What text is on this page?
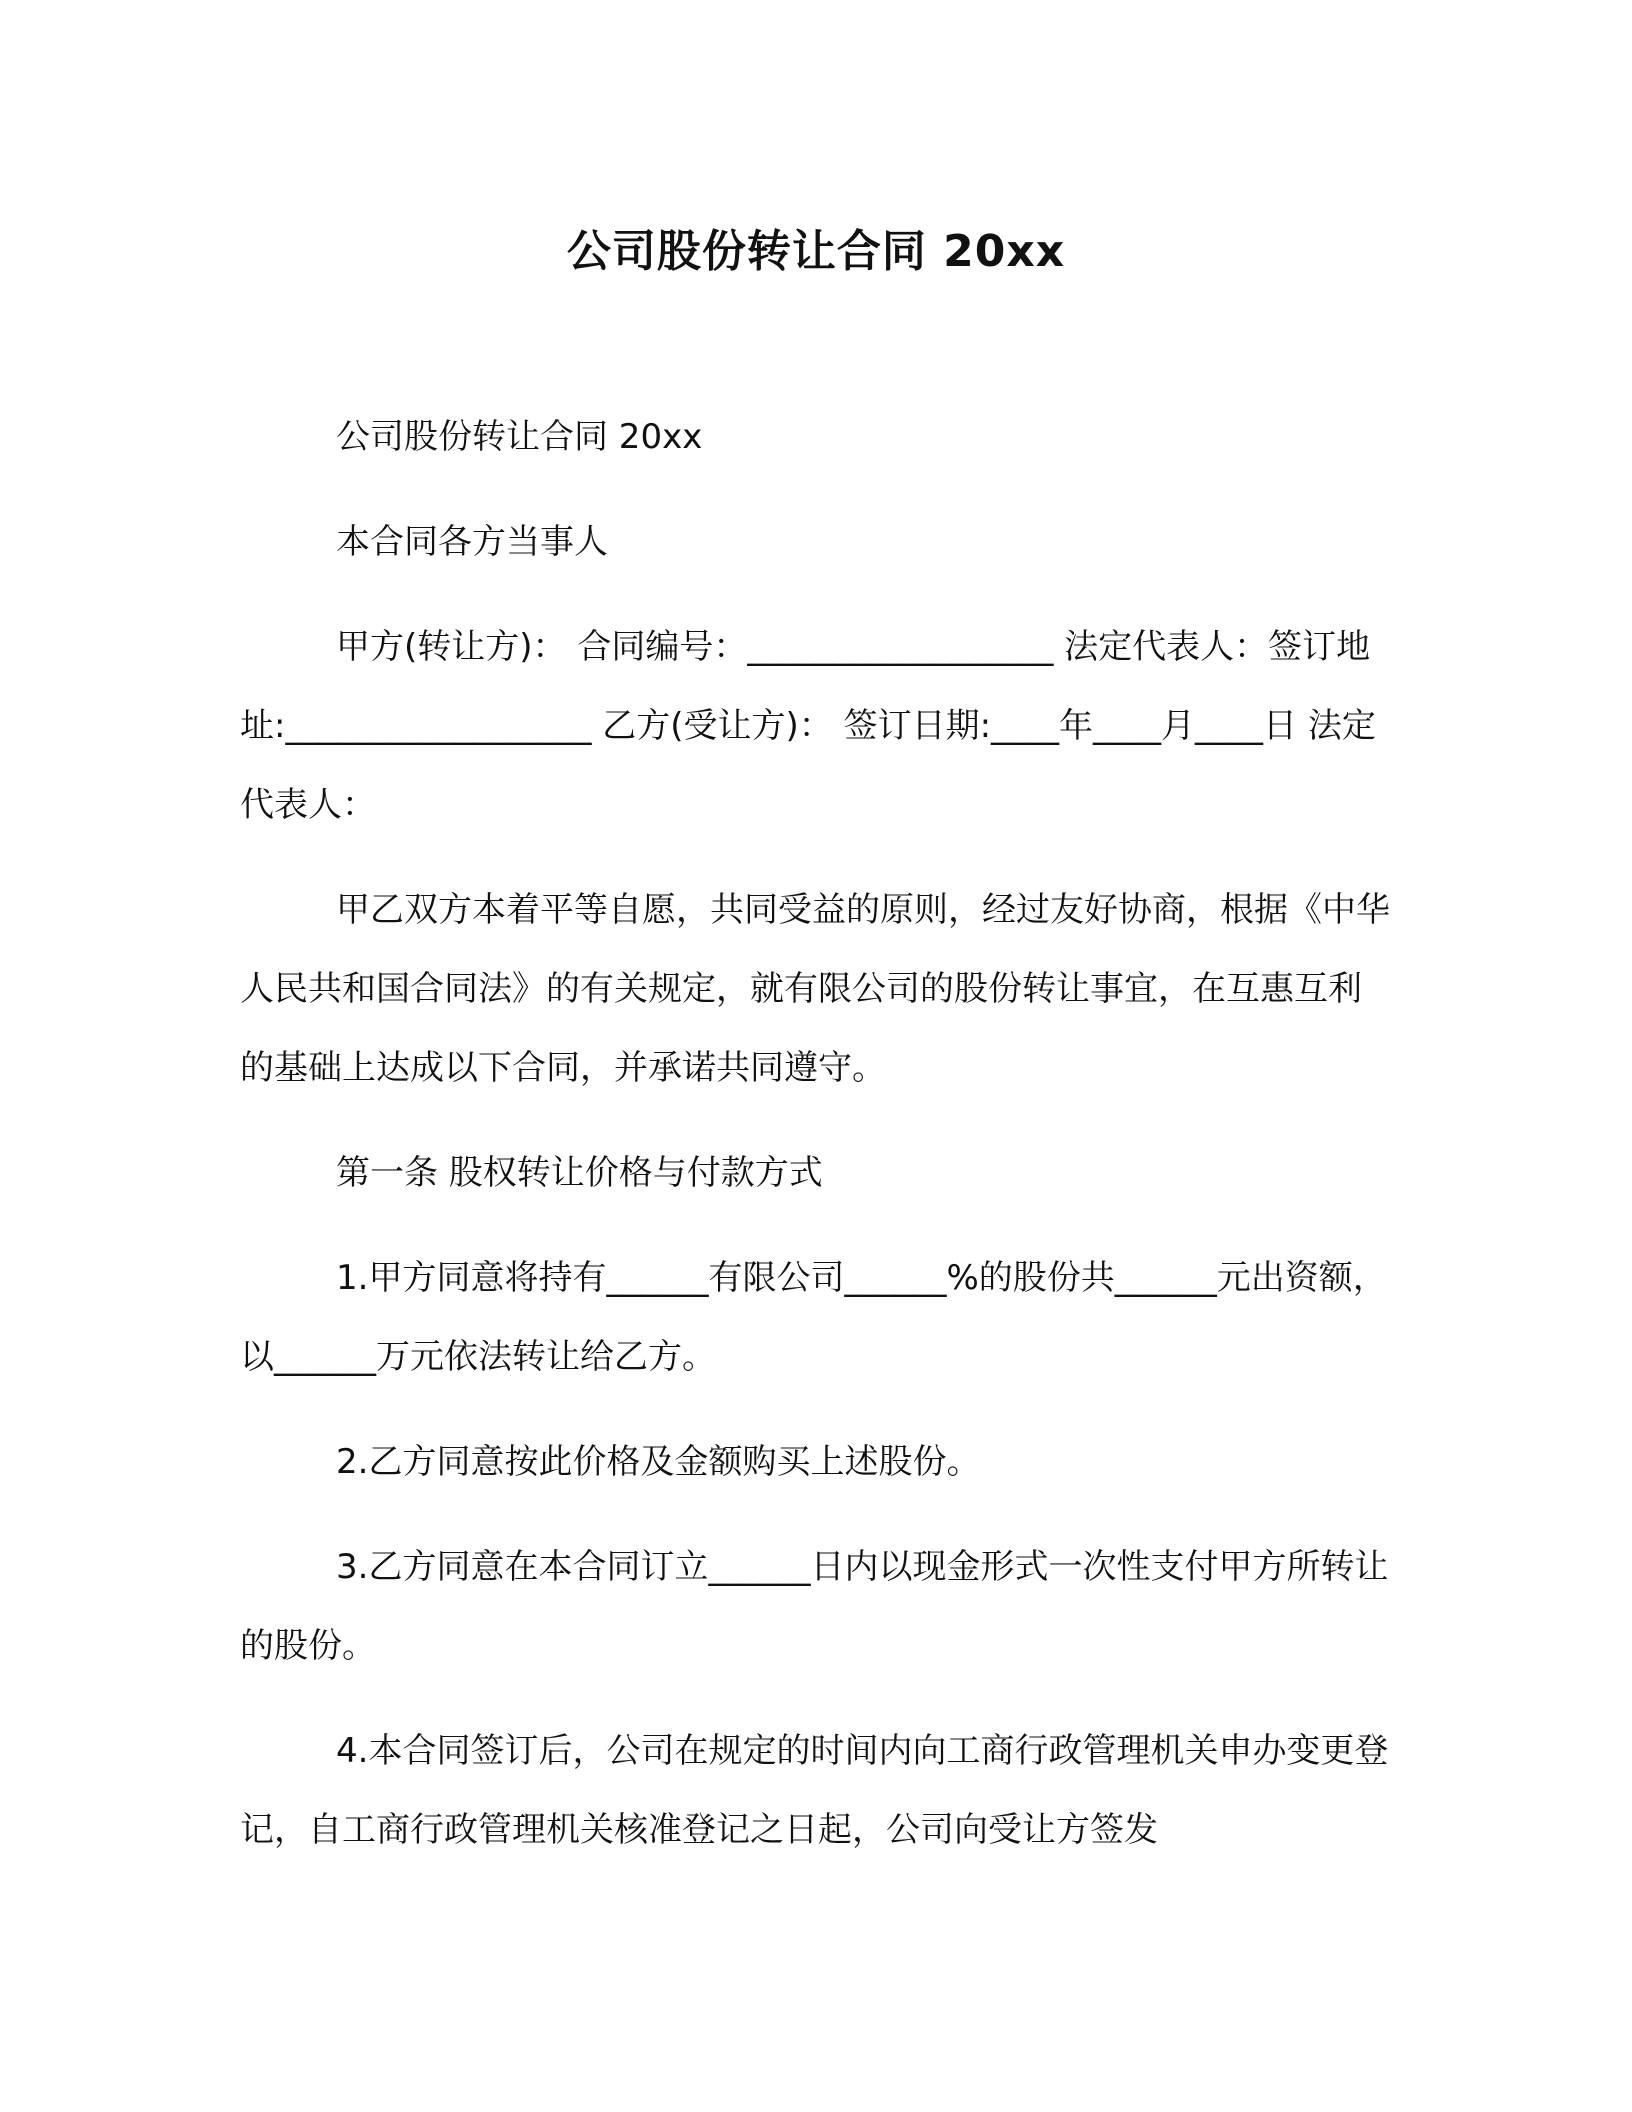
公司股份转让合同 20xx

公司股份转让合同 20xx

本合同各方当事人

甲方(转让方)： 合同编号：__________________ 法定代表人：签订地址:__________________ 乙方(受让方)： 签订日期:____年____月____日 法定代表人：

甲乙双方本着平等自愿，共同受益的原则，经过友好协商，根据《中华人民共和国合同法》的有关规定，就有限公司的股份转让事宜，在互惠互利的基础上达成以下合同，并承诺共同遵守。

第一条 股权转让价格与付款方式

1.甲方同意将持有______有限公司______%的股份共______元出资额，以______万元依法转让给乙方。

2.乙方同意按此价格及金额购买上述股份。

3.乙方同意在本合同订立______日内以现金形式一次性支付甲方所转让的股份。

4.本合同签订后，公司在规定的时间内向工商行政管理机关申办变更登记，自工商行政管理机关核准登记之日起，公司向受让方签发
